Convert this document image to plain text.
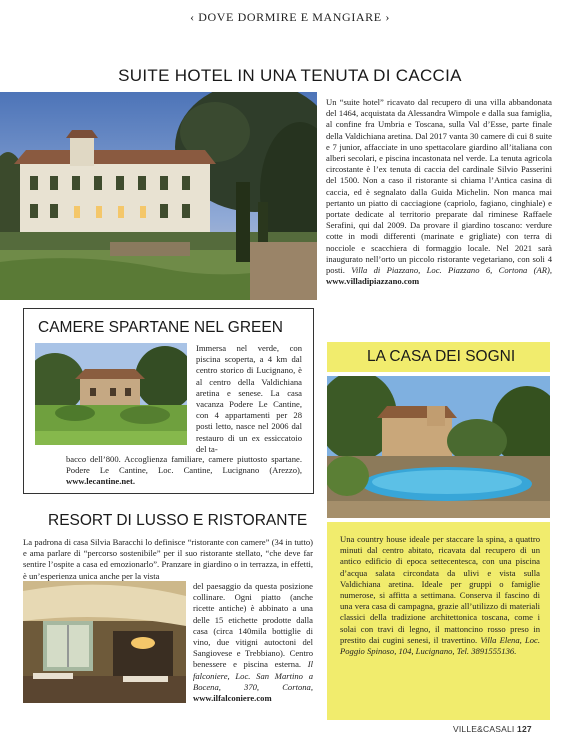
‹ DOVE DORMIRE E MANGIARE ›
SUITE HOTEL IN UNA TENUTA DI CACCIA

Un “suite hotel” ricavato dal recupero di una villa abbandonata del 1464, acquistata da Alessandra Wimpole e dalla sua famiglia, al confine fra Umbria e Toscana, sulla Val d’Esse, parte finale della Valdichiana aretina. Dal 2017 vanta 30 camere di cui 8 suite e 7 junior, affacciate in uno spettacolare giardino all’italiana con alberi secolari, e piscina incastonata nel verde. La tenuta agricola circostante è l’ex tenuta di caccia del cardinale Silvio Passerini del 1500. Non a caso il ristorante si chiama l’Antica casina di caccia, ed è segnalato dalla Guida Michelin. Non manca mai pertanto un piatto di cacciagione (capriolo, fagiano, cinghiale) e portate dedicate al territorio preparate dal riminese Raffaele Serafini, qui dal 2009. Da provare il giardino toscano: verdure cotte in modi differenti (marinate e grigliate) con terra di nocciole e scacchiera di formaggio locale. Nel 2021 sarà inaugurato nell’orto un piccolo ristorante vegetariano, con soli 4 posti. Villa di Piazzano, Loc. Piazzano 6, Cortona (AR), www.villadipiazzano.com

CAMERE SPARTANE NEL GREEN

Immersa nel verde, con piscina scoperta, a 4 km dal centro storico di Lucignano, è al centro della Valdichiana aretina e senese. La casa vacanza Podere Le Cantine, con 4 appartamenti per 28 posti letto, nasce nel 2006 dal restauro di un ex essiccatoio del ta-

bacco dell’800. Accoglienza familiare, camere piuttosto spartane. Podere Le Cantine, Loc. Cantine, Lucignano (Arezzo), www.lecantine.net.

LA CASA DEI SOGNI

Una country house ideale per staccare la spina, a quattro minuti dal centro abitato, ricavata dal recupero di un antico edificio di epoca settecentesca, con una piscina d’acqua salata circondata da ulivi e vista sulla Valdichiana aretina. Ideale per gruppi o famiglie numerose, si affitta a settimana. Conserva il fascino di una vera casa di campagna, grazie all’utilizzo di materiali classici della tradizione architettonica toscana, come i solai con travi di legno, il mattoncino rosso preso in prestito dai cugini senesi, il travertino. Villa Elena, Loc. Poggio Spinoso, 104, Lucignano, Tel. 3891555136.

RESORT DI LUSSO E RISTORANTE

La padrona di casa Silvia Baracchi lo definisce “ristorante con camere” (34 in tutto) e ama parlare di “percorso sostenibile” per il suo ristorante stellato, “che deve far sentire l’ospite a casa ed emozionarlo”. Pranzare in giardino o in terrazza, in effetti, è un’esperienza unica anche per la vista

del paesaggio da questa posizione collinare. Ogni piatto (anche ricette antiche) è abbinato a una delle 15 etichette prodotte dalla casa (circa 140mila bottiglie di vino, due vitigni autoctoni del Sangiovese e Trebbiano). Centro benessere e piscina esterna. Il falconiere, Loc. San Martino a Bocena, 370, Cortona, www.ilfalconiere.com

VILLE&CASALI 127
